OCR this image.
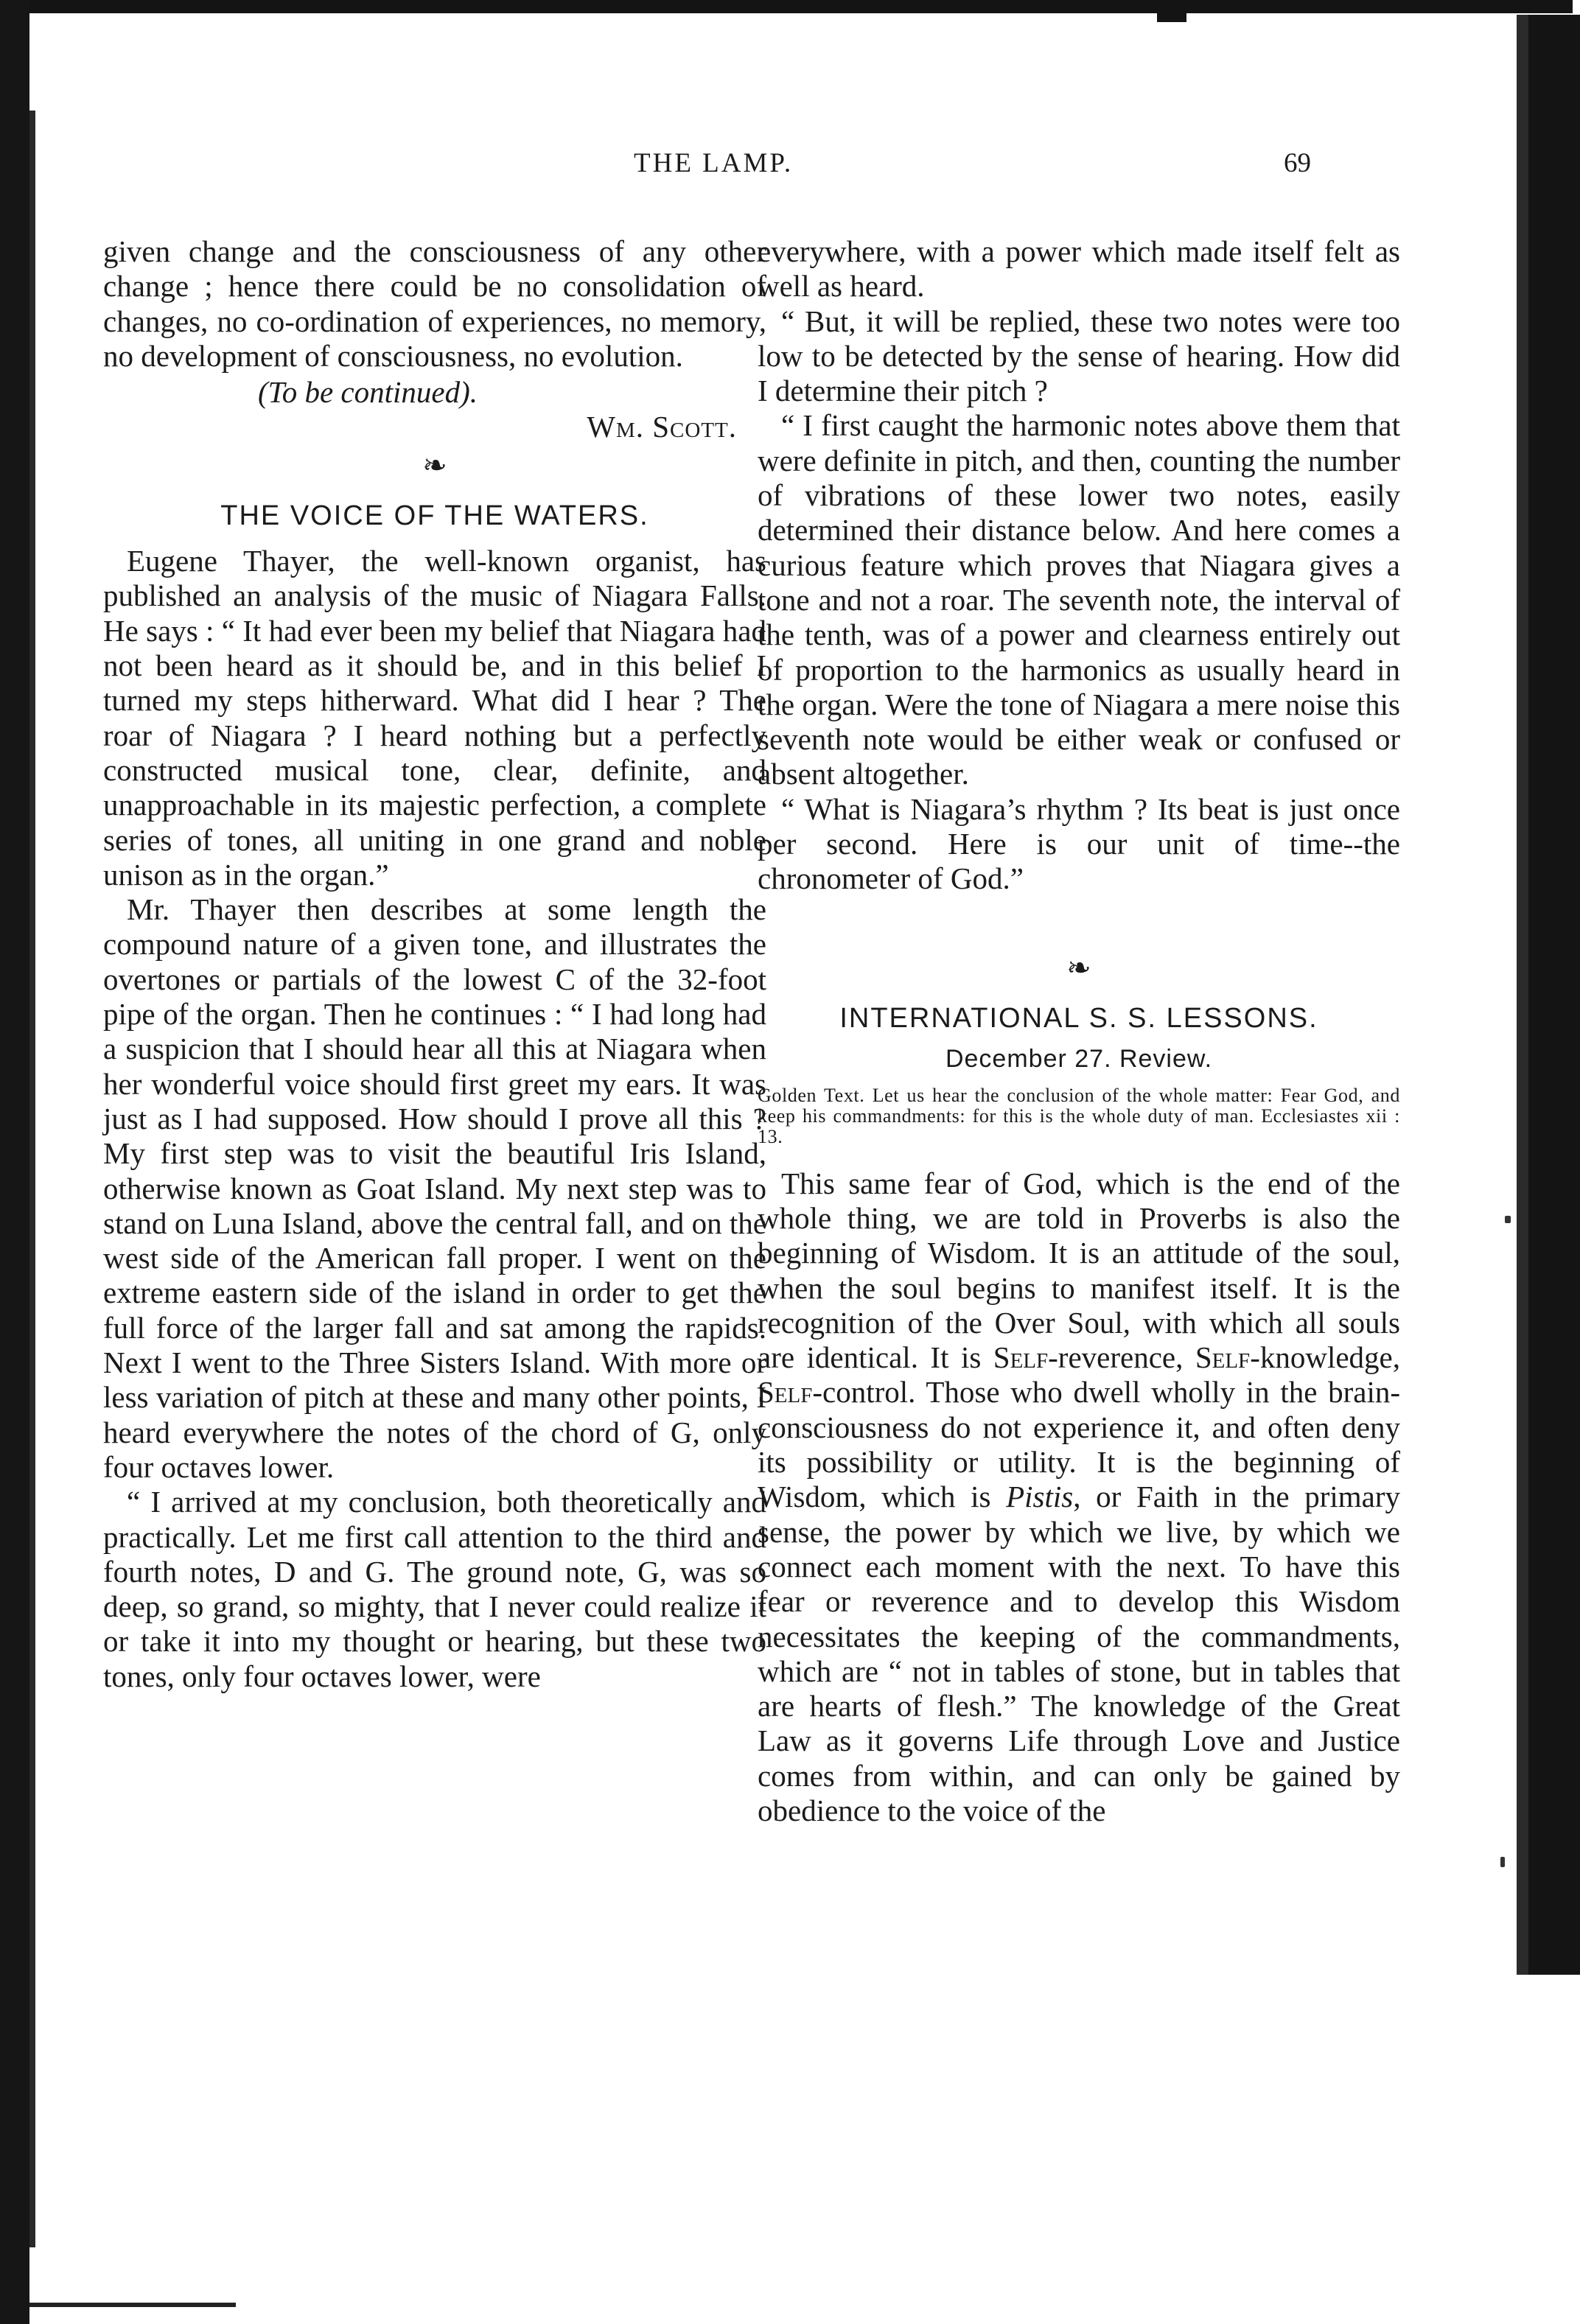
THE LAMP.	69

given change and the consciousness of any other change ; hence there could be no consolidation of changes, no co-ordination of experiences, no memory, no development of consciousness, no evolution.

(To be continued).
Wm. Scott.
❧
THE VOICE OF THE WATERS.

Eugene Thayer, the well-known organist, has published an analysis of the music of Niagara Falls. He says : “ It had ever been my belief that Niagara had not been heard as it should be, and in this belief I turned my steps hitherward. What did I hear ? The roar of Niagara ? I heard nothing but a perfectly constructed musical tone, clear, definite, and unapproachable in its majestic perfection, a complete series of tones, all uniting in one grand and noble unison as in the organ.”

Mr. Thayer then describes at some length the compound nature of a given tone, and illustrates the overtones or partials of the lowest C of the 32-foot pipe of the organ. Then he continues : “ I had long had a suspicion that I should hear all this at Niagara when her wonderful voice should first greet my ears. It was just as I had supposed. How should I prove all this ? My first step was to visit the beautiful Iris Island, otherwise known as Goat Island. My next step was to stand on Luna Island, above the central fall, and on the west side of the American fall proper. I went on the extreme eastern side of the island in order to get the full force of the larger fall and sat among the rapids. Next I went to the Three Sisters Island. With more or less variation of pitch at these and many other points, I heard everywhere the notes of the chord of G, only four octaves lower.

“ I arrived at my conclusion, both theoretically and practically. Let me first call attention to the third and fourth notes, D and G. The ground note, G, was so deep, so grand, so mighty, that I never could realize it or take it into my thought or hearing, but these two tones, only four octaves lower, were

everywhere, with a power which made itself felt as well as heard.

“ But, it will be replied, these two notes were too low to be detected by the sense of hearing. How did I determine their pitch ?

“ I first caught the harmonic notes above them that were definite in pitch, and then, counting the number of vibrations of these lower two notes, easily determined their distance below. And here comes a curious feature which proves that Niagara gives a tone and not a roar. The seventh note, the interval of the tenth, was of a power and clearness entirely out of proportion to the harmonics as usually heard in the organ. Were the tone of Niagara a mere noise this seventh note would be either weak or confused or absent altogether.

“ What is Niagara’s rhythm ? Its beat is just once per second. Here is our unit of time--the chronometer of God.”

❧
INTERNATIONAL S. S. LESSONS.
December 27. Review.

Golden Text. Let us hear the conclusion of the whole matter: Fear God, and keep his commandments: for this is the whole duty of man. Ecclesiastes xii : 13.

This same fear of God, which is the end of the whole thing, we are told in Proverbs is also the beginning of Wisdom. It is an attitude of the soul, when the soul begins to manifest itself. It is the recognition of the Over Soul, with which all souls are identical. It is Self-reverence, Self-knowledge, Self-control. Those who dwell wholly in the brain-consciousness do not experience it, and often deny its possibility or utility. It is the beginning of Wisdom, which is Pistis, or Faith in the primary sense, the power by which we live, by which we connect each moment with the next. To have this fear or reverence and to develop this Wisdom necessitates the keeping of the commandments, which are “ not in tables of stone, but in tables that are hearts of flesh.” The knowledge of the Great Law as it governs Life through Love and Justice comes from within, and can only be gained by obedience to the voice of the
